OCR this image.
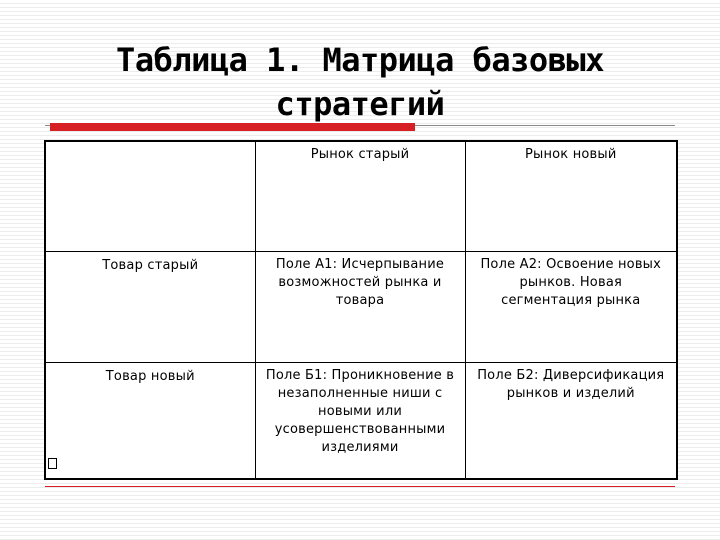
Таблица 1. Матрица базовых
стратегий
	Рынок старый	Рынок новый
Товар старый	Поле А1: Исчерпывание возможностей рынка и товара	Поле А2: Освоение новых рынков. Новая сегментация рынка
Товар новый	Поле Б1: Проникновение в незаполненные ниши с новыми или усовершенствованными изделиями	Поле Б2: Диверсификация рынков и изделий
